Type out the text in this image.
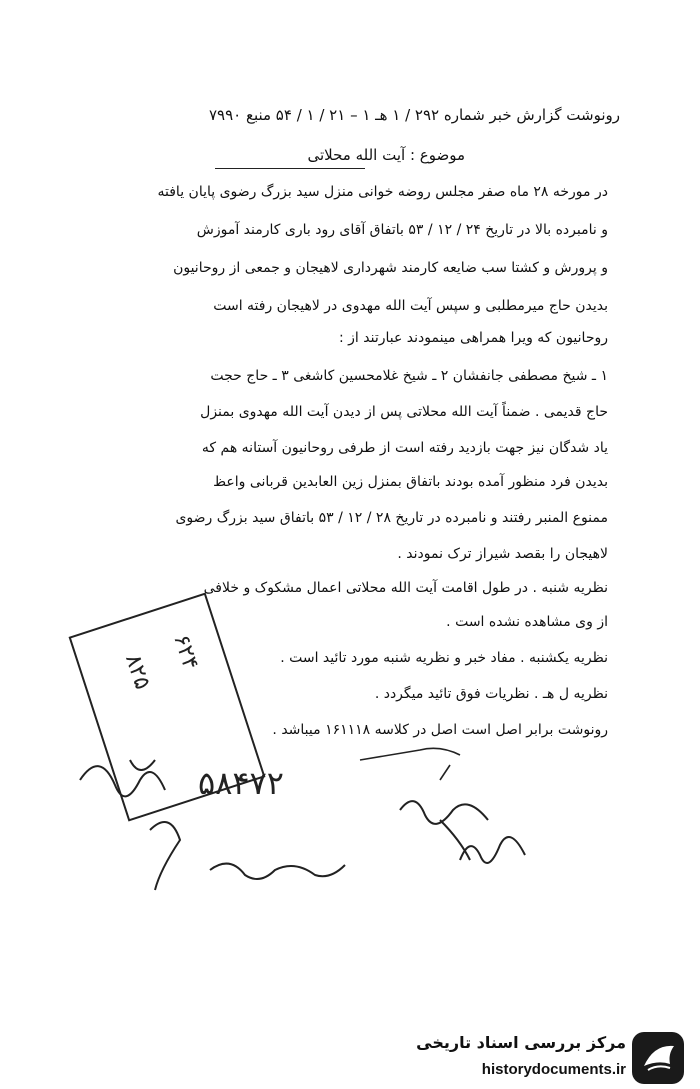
رونوشت گزارش خبر شماره ۲۹۲ / ۱ هـ ۱ – ۲۱ / ۱ / ۵۴ منبع ۷۹۹۰
موضوع : آیت الله محلاتی
در مورخه ۲۸ ماه صفر مجلس روضه خوانی منزل سید بزرگ رضوی پایان یافته
و نامبرده بالا در تاریخ ۲۴ / ۱۲ / ۵۳ باتفاق آقای رود باری کارمند آموزش
و پرورش و کشتا سب ضایعه کارمند شهرداری لاهیجان و جمعی از روحانیون
بدیدن حاج میرمطلبی و سپس آیت الله مهدوی در لاهیجان رفته است
روحانیون که ویرا همراهی مینمودند عبارتند از :
۱ ـ شیخ مصطفی جانفشان ۲ ـ شیخ غلامحسین کاشغی ۳ ـ حاج حجت
حاج قدیمی . ضمناً آیت الله محلاتی پس از دیدن آیت الله مهدوی بمنزل
یاد شدگان نیز جهت بازدید رفته است از طرفی روحانیون آستانه هم که
بدیدن فرد منظور آمده بودند باتفاق بمنزل زین العابدین قربانی واعظ
ممنوع المنبر رفتند و نامبرده در تاریخ ۲۸ / ۱۲ / ۵۳ باتفاق سید بزرگ رضوی
لاهیجان را بقصد شیراز ترک نمودند .
نظریه شنبه . در طول اقامت آیت الله محلاتی اعمال مشکوک و خلافی
از وی مشاهده نشده است .
نظریه یکشنبه . مفاد خبر و نظریه شنبه مورد تائید است .
نظریه ل هـ . نظریات فوق تائید میگردد .
رونوشت برابر اصل است اصل در کلاسه ۱۶۱۱۱۸ میباشد .
۶۲۴
۸۲۵
۵۸۴۷۲
مرکز بررسی اسناد تاریخی
historydocuments.ir
